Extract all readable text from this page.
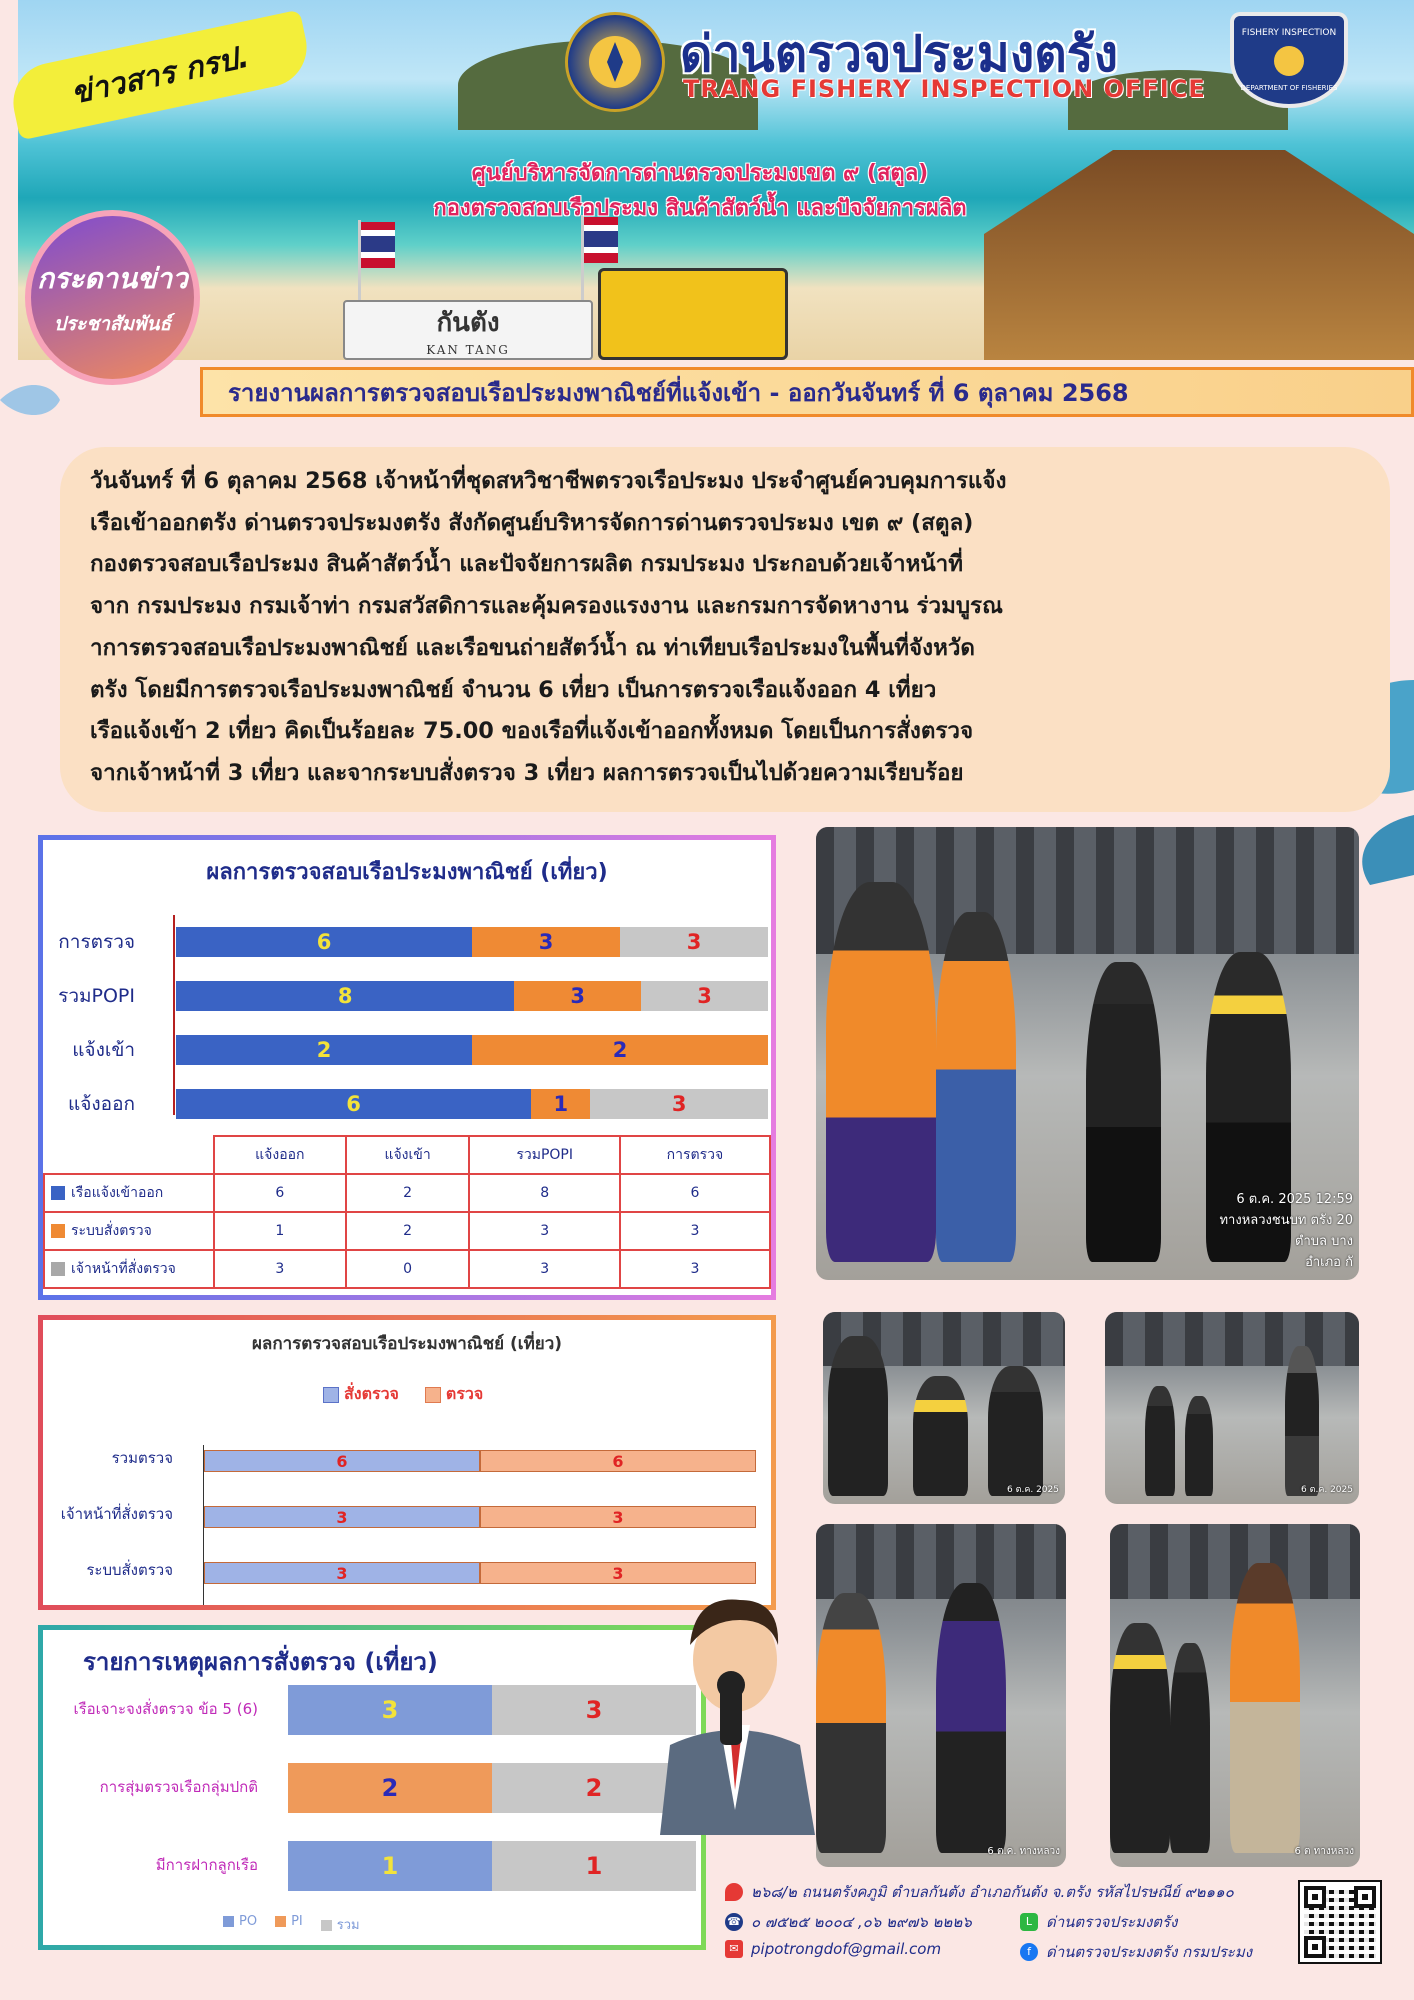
กันตัง
KAN TANG
ข่าวสาร กรป.	ด่านตรวจประมงตรัง
TRANG FISHERY INSPECTION OFFICE
FISHERY INSPECTION
DEPARTMENT OF FISHERIES
ศูนย์บริหารจัดการด่านตรวจประมงเขต ๙ (สตูล)
กองตรวจสอบเรือประมง สินค้าสัตว์น้ำ และปัจจัยการผลิต
กระดานข่าว
ประชาสัมพันธ์
รายงานผลการตรวจสอบเรือประมงพาณิชย์ที่แจ้งเข้า - ออกวันจันทร์ ที่ 6 ตุลาคม 2568

วันจันทร์ ที่ 6 ตุลาคม 2568 เจ้าหน้าที่ชุดสหวิชาชีพตรวจเรือประมง ประจำศูนย์ควบคุมการแจ้ง

เรือเข้าออกตรัง ด่านตรวจประมงตรัง สังกัดศูนย์บริหารจัดการด่านตรวจประมง เขต ๙ (สตูล)

กองตรวจสอบเรือประมง สินค้าสัตว์น้ำ และปัจจัยการผลิต กรมประมง ประกอบด้วยเจ้าหน้าที่

จาก กรมประมง กรมเจ้าท่า กรมสวัสดิการและคุ้มครองแรงงาน และกรมการจัดหางาน ร่วมบูรณ

าการตรวจสอบเรือประมงพาณิชย์ และเรือขนถ่ายสัตว์น้ำ ณ ท่าเทียบเรือประมงในพื้นที่จังหวัด

ตรัง โดยมีการตรวจเรือประมงพาณิชย์ จำนวน 6 เที่ยว เป็นการตรวจเรือแจ้งออก 4 เที่ยว

เรือแจ้งเข้า 2 เที่ยว คิดเป็นร้อยละ 75.00 ของเรือที่แจ้งเข้าออกทั้งหมด โดยเป็นการสั่งตรวจ

จากเจ้าหน้าที่ 3 เที่ยว และจากระบบสั่งตรวจ 3 เที่ยว ผลการตรวจเป็นไปด้วยความเรียบร้อย

ผลการตรวจสอบเรือประมงพาณิชย์ (เที่ยว)
การตรวจ	6	3	3
รวมPOPI	8	3	3
แจ้งเข้า	2	2
แจ้งออก	6	1	3
	แจ้งออก	แจ้งเข้า	รวมPOPI	การตรวจ
เรือแจ้งเข้าออก	6	2	8	6
ระบบสั่งตรวจ	1	2	3	3
เจ้าหน้าที่สั่งตรวจ	3	0	3	3
ผลการตรวจสอบเรือประมงพาณิชย์ (เที่ยว)
สั่งตรวจ	ตรวจ
รวมตรวจ	6	6
เจ้าหน้าที่สั่งตรวจ	3	3
ระบบสั่งตรวจ	3	3
รายการเหตุผลการสั่งตรวจ (เที่ยว)
เรือเจาะจงสั่งตรวจ ข้อ 5 (6)	3	3
การสุ่มตรวจเรือกลุ่มปกติ	2	2
มีการฝากลูกเรือ	1	1
PO	PI	รวม
6 ต.ค. 2025 12:59
ทางหลวงชนบท ตรัง 20
ตำบล บาง
อำเภอ กั
6 ต.ค. 2025	6 ต.ค. 2025
6 ต.ค. ทางหลวง	6 ต ทางหลวง
๒๖๘/๒ ถนนตรังคภูมิ ตำบลกันตัง อำเภอกันตัง จ.ตรัง รหัสไปรษณีย์ ๙๒๑๑๐
☎ ๐ ๗๕๒๕ ๒๐๐๔ ,๐๖ ๒๙๗๖ ๒๒๒๖	L ด่านตรวจประมงตรัง
✉ pipotrongdof@gmail.com	f	ด่านตรวจประมงตรัง กรมประมง
